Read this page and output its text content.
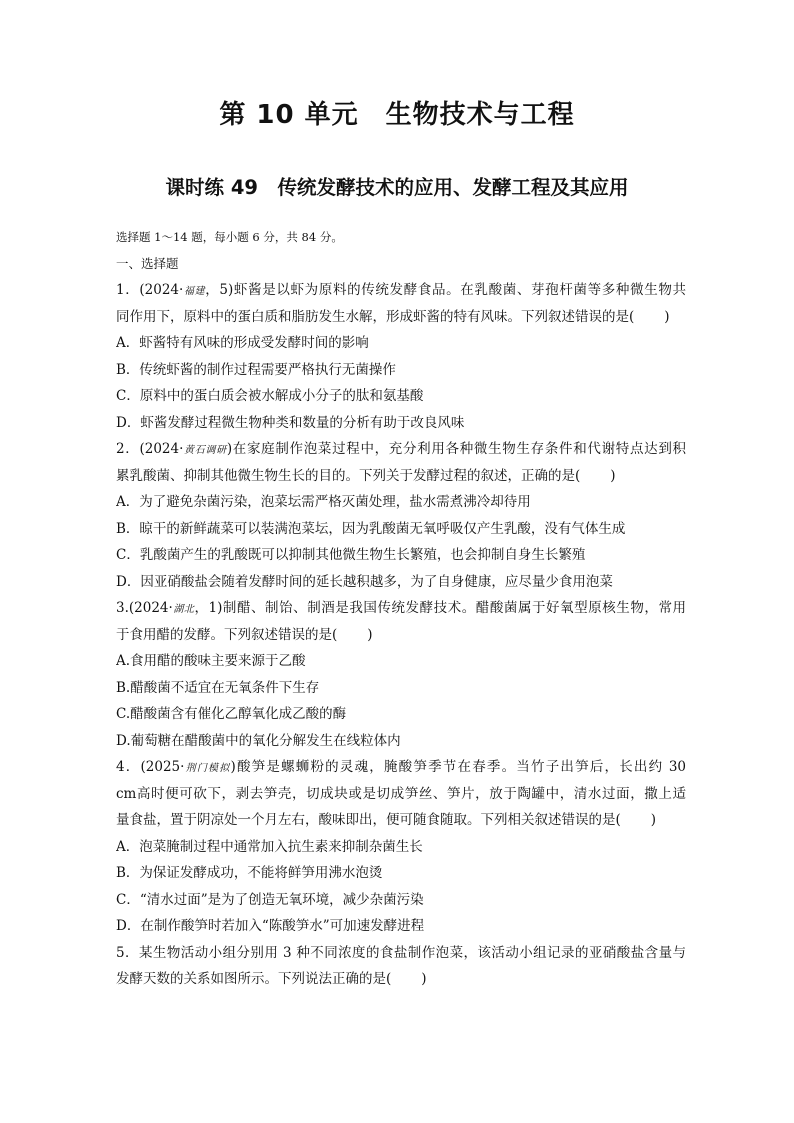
第 10 单元　生物技术与工程
课时练 49　传统发酵技术的应用、发酵工程及其应用
选择题 1～14 题，每小题 6 分，共 84 分。
一、选择题
1．(2024·福建，5)虾酱是以虾为原料的传统发酵食品。在乳酸菌、芽孢杆菌等多种微生物共
同作用下，原料中的蛋白质和脂肪发生水解，形成虾酱的特有风味。下列叙述错误的是( )
A．虾酱特有风味的形成受发酵时间的影响
B．传统虾酱的制作过程需要严格执行无菌操作
C．原料中的蛋白质会被水解成小分子的肽和氨基酸
D．虾酱发酵过程微生物种类和数量的分析有助于改良风味
2．(2024·黄石调研)在家庭制作泡菜过程中，充分利用各种微生物生存条件和代谢特点达到积
累乳酸菌、抑制其他微生物生长的目的。下列关于发酵过程的叙述，正确的是( )
A．为了避免杂菌污染，泡菜坛需严格灭菌处理，盐水需煮沸冷却待用
B．晾干的新鲜蔬菜可以装满泡菜坛，因为乳酸菌无氧呼吸仅产生乳酸，没有气体生成
C．乳酸菌产生的乳酸既可以抑制其他微生物生长繁殖，也会抑制自身生长繁殖
D．因亚硝酸盐会随着发酵时间的延长越积越多，为了自身健康，应尽量少食用泡菜
3.(2024·湖北，1)制醋、制饴、制酒是我国传统发酵技术。醋酸菌属于好氧型原核生物，常用
于食用醋的发酵。下列叙述错误的是( )
A.食用醋的酸味主要来源于乙酸
B.醋酸菌不适宜在无氧条件下生存
C.醋酸菌含有催化乙醇氧化成乙酸的酶
D.葡萄糖在醋酸菌中的氧化分解发生在线粒体内
4．(2025·荆门模拟)酸笋是螺蛳粉的灵魂，腌酸笋季节在春季。当竹子出笋后，长出约 30
cm高时便可砍下，剥去笋壳，切成块或是切成笋丝、笋片，放于陶罐中，清水过面，撒上适
量食盐，置于阴凉处一个月左右，酸味即出，便可随食随取。下列相关叙述错误的是( )
A．泡菜腌制过程中通常加入抗生素来抑制杂菌生长
B．为保证发酵成功，不能将鲜笋用沸水泡烫
C．“清水过面”是为了创造无氧环境，减少杂菌污染
D．在制作酸笋时若加入“陈酸笋水”可加速发酵进程
5．某生物活动小组分别用 3 种不同浓度的食盐制作泡菜，该活动小组记录的亚硝酸盐含量与
发酵天数的关系如图所示。下列说法正确的是( )
